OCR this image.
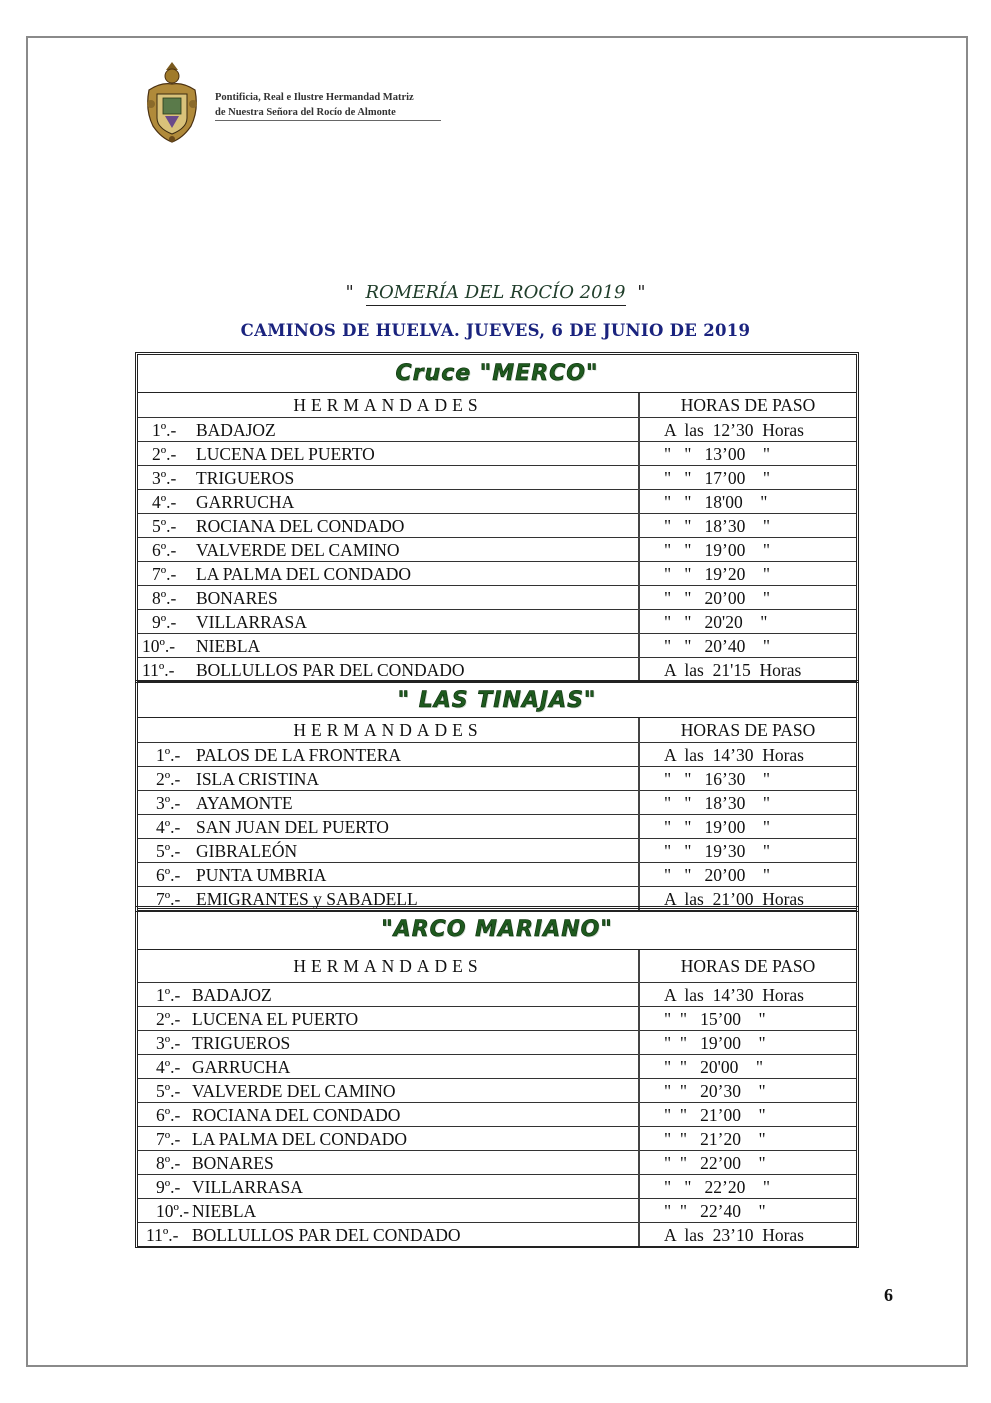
Pontificia, Real e Ilustre Hermandad Matriz
de Nuestra Señora del Rocío de Almonte
" ROMERÍA DEL ROCÍO 2019 "
CAMINOS DE HUELVA. JUEVES, 6 DE JUNIO DE 2019
Cruce "MERCO"
HERMANDADES	HORAS DE PASO
1º.- BADAJOZ	A  las  12’30  Horas
2º.- LUCENA DEL PUERTO	"   "   13’00    "
3º.- TRIGUEROS	"   "   17’00    "
4º.- GARRUCHA	"   "   18'00    "
5º.- ROCIANA DEL CONDADO	"   "   18’30    "
6º.- VALVERDE DEL CAMINO	"   "   19’00    "
7º.- LA PALMA DEL CONDADO	"   "   19’20    "
8º.- BONARES	"   "   20’00    "
9º.- VILLARRASA	"   "   20'20    "
10º.- NIEBLA	"   "   20’40    "
11º.- BOLLULLOS PAR DEL CONDADO	A  las  21'15  Horas
" LAS TINAJAS"
HERMANDADES	HORAS DE PASO
1º.- PALOS DE LA FRONTERA	A  las  14’30  Horas
2º.- ISLA CRISTINA	"   "   16’30    "
3º.- AYAMONTE	"   "   18’30    "
4º.- SAN JUAN DEL PUERTO	"   "   19’00    "
5º.- GIBRALEÓN	"   "   19’30    "
6º.- PUNTA UMBRIA	"   "   20’00    "
7º.- EMIGRANTES y SABADELL	A  las  21’00  Horas
"ARCO MARIANO"
HERMANDADES	HORAS DE PASO
1º.- BADAJOZ	A  las  14’30  Horas
2º.- LUCENA EL PUERTO	"  "   15’00    "
3º.- TRIGUEROS	"  "   19’00    "
4º.- GARRUCHA	"  "   20'00    "
5º.- VALVERDE DEL CAMINO	"  "   20’30    "
6º.- ROCIANA DEL CONDADO	"  "   21’00    "
7º.- LA PALMA DEL CONDADO	"  "   21’20    "
8º.- BONARES	"  "   22’00    "
9º.- VILLARRASA	"   "   22’20    "
10º.- NIEBLA	"  "   22’40    "
11º.- BOLLULLOS PAR DEL CONDADO	A  las  23’10  Horas
6
